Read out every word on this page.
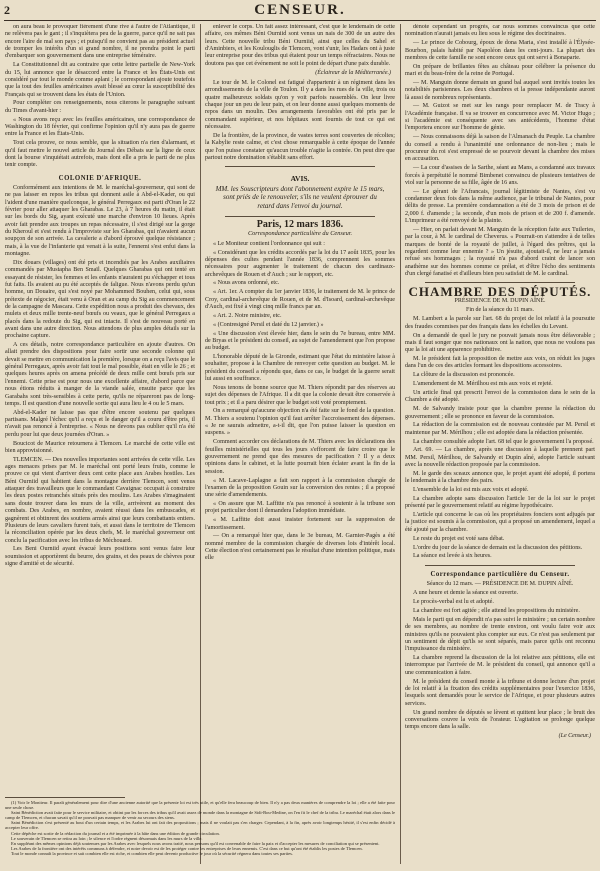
CENSEUR.
2

on aura beau le provoquer fièrement d'une rive à l'autre de l'Atlantique, il ne relèvera pas le gant ; il s'inquiètera peu de la guerre, parce qu'il ne sait pas encore l'aire de mal son pays ; et puisqu'il ne convient pas au président actuel de tromper les intérêts d'un si grand nombre, il ne prendra point le parti d'embarquer son gouvernement dans une entreprise téméraire.

La Constitutionnel dit au contraire que cette lettre partielle de New-York du 15, lui annonce que le désaccord entre la France et les États-Unis est considéré par tout le monde comme aplani ; le correspondant ajoute toutefois que la tout des feuilles américaines avait blessé au cœur la susceptibilité des Français qui se trouvent dans les états de l'Union.

Pour compléter ces renseignements, nous citerons le paragraphe suivant du Times d'avant-hier :

« Nous avons reçu avec les feuilles américaines, une correspondance de Washington du 18 février, qui confirme l'opinion qu'il n'y aura pas de guerre entre la France et les États-Unis.

Tout cela prouve, ce nous semble, que la situation n'a rien d'alarmant, et qu'il faut mettre le nouvel article du Journal des Débats sur la ligne de ceux dont la bourse s'inquiétait autrefois, mais dont elle a pris le parti de ne plus tenir compte.

COLONIE D'AFRIQUE.

Conformément aux intentions de M. le maréchal-gouverneur, qui sont de ne pas laisser en repos les tribus qui donnent asile à Abd-el-Kader, ou qui l'aident d'une manière quelconque, le général Perregaux est parti d'Oran le 22 février pour aller attaquer les Gharabas. Le 23, à 7 heures du matin, il était sur les bords du Sig, ayant exécuté une marche d'environ 10 lieues. Après avoir fait prendre aux troupes un repas nécessaire, il s'est dirigé sur la gorge du Kheroul et s'est rendu à l'improviste sur les Gharabas, qui n'avaient aucun soupçon de son arrivée. La cavalerie a d'abord éprouvé quelque résistance ; mais, à la vue de l'infanterie qui venait à la suite, l'ennemi s'est enfui dans la montagne.

Dix douars (villages) ont été pris et incendiés par les Arabes auxiliaires commandés par Mustapha Ben Smaïl. Quelques Gharabas qui ont tenté en essayant de résister, les femmes et les enfants n'auraient pu s'échapper et tous fut faits. Ils avaient au pu été acceptés de faligue. Nous n'avons perdu qu'un homme, un Douaire, qui s'est noyé par Mohammed Bouhen, celui qui, sous prétexte de négocier, était venu à Oran et au camp du Sig au commencement de la campagne de Mascara. Cette expédition nous a produit des chevaux, des mulets et deux mille trente-neuf bœufs ou veaux, que le général Perregaux a placés dans la redoute du Sig, qui est intacte. Il s'est de nouveau porté en avant dans une autre direction. Nous attendons de plus amples détails sur la prochaine capture.

A ces détails, notre correspondance particulière en ajoute d'autres. On allait prendre des dispositions pour faire sortir une seconde colonne qui devait se mettre en communication la première, lorsque on a reçu l'avis que le général Perregaux, après avoir fait tout le mal possible, était en ville le 26 ; et quelques heures après on amena précédé de deux mille cent bœufs pris sur l'ennemi. Cette prise est pour nous une excellente affaire, d'abord parce que nous étions réduits à manger de la viande salée, ensuite parce que les Garabahs sont très-sensibles à cette perte, qu'ils ne répareront pas de long-temps. Il est question d'une nouvelle sortie qui aura lieu le 4 ou le 5 mars.

Abd-el-Kader ne laisse pas que d'être encore soutenu par quelques partisans. Malgré l'échec qu'il a reçu et le danger qu'il a couru d'être pris, il n'avait pas renoncé à l'entreprise. « Nous ne devons pas oublier qu'il n'a été perdu pour lui que deux journées d'Oran. »

Boucicot de Maurice retournera à Tlemcen. Le marché de cette ville est bien approvisionné.

TLEMCEN. — Des nouvelles importantes sont arrivées de cette ville. Les ages menaces prises par M. le maréchal ont porté leurs fruits, comme le prouve ce qui vient d'arriver deux cent cette place aux Arabes hostiles. Les Béni Ourniid qui habitent dans la montagne derrière Tlemcen, sont venus attaquer des travailleurs que le commandant Cavaignac occupait à construire les deux postes retranchés situés près des moulins. Les Arabes s'imaginaient sans doute trouver dans les murs de la ville, arrivèrent au moment des combats. Des Arabes, en nombre, avaient réussi dans les embuscades, et gagnèrent et obtinrent des soutiens armés ainsi que leurs combattants entiers. Plusieurs de leurs cavaliers furent tués, et aussi dans le territoire de Tlemcen la réconciliation opérée par les deux chefs, M. le maréchal gouverneur ont conclu la pacification avec les tribus de Méchouard.

Les Beni Ourniid ayant évacué leurs positions sont venus faire leur soumission et apportèrent du beurre, des grains, et des peaux de chèvres pour signe d'amitié et de sécurité.

enlever le corps. Un fait assez intéressant, c'est que le lendemain de cette affaire, ces mêmes Béni Ourniid sont venus un nais de 300 de un autre des leurs. Cette nouvelle tribu Béni Ourniid, ainsi que celles du Sahel et d'Aminbiers, et les Koulouglis de Tlemcen, vont s'unir, les Hadars ont à juste leur entreprise pour des tribus qui étaient pour un temps réfractaires. Nous ne doutons pas que cet événement ne soit le point de départ d'une paix durable.

(Éclaireur de la Méditerranée.)

Le tour de M. le Colonel est fatigué d'appartenir à un régiment dans les arrondissements de la ville de Toulon. Il y a dans les rues de la ville, trois ou quatre malheureux soldats qu'on y voit parfois rassemblés. On leur livre chaque jour un peu de leur pain, et on leur donne aussi quelques moments de repos dans un moulin. Des arrangements favorables ont été pris par le commandant supérieur, et nos hôpitaux sont fournis de tout ce qui est nécessaire.

De la frontière, de la province, de vastes terres sont couvertes de récoltes; la Kabylie reste calme, et c'est chose remarquable à cette époque de l'année que l'on puisse constater qu'aucun trouble n'agite la contrée. On peut dire que partout notre domination s'établit sans effort.

AVIS.
MM. les Souscripteurs dont l'abonnement expire le 15 mars, sont priés de le renouveler, s'ils ne veulent éprouver du retard dans l'envoi du journal.
Paris, 12 mars 1836.
Correspondance particulière du Censeur.

« Le Moniteur contient l'ordonnance qui suit :

« Considérant que les crédits accordés par la loi du 17 août 1835, pour les dépenses des cultes pendant l'année 1836, comprennent les sommes nécessaires pour augmenter le traitement de chacun des cardinaux-archevêques de Rouen et d'Auch ; sur le rapport, etc.

« Nous avons ordonné, etc.

« Art. 1er. A compter du 1er janvier 1836, le traitement de M. le prince de Croy, cardinal-archevêque de Rouen, et de M. d'Isoard, cardinal-archevêque d'Auch, est fixé à vingt cinq mille francs par an.

« Art. 2. Notre ministre, etc.

« (Contresigné Persil et daté du 12 janvier.) »

« Une discussion s'est élevée hier, dans le sein du 7e bureau, entre MM. de Bryas et le président du conseil, au sujet de l'amendement que l'on propose au budget.

L'honorable député de la Gironde, estimant que l'état du ministère laisse à souhaiter, propose à la Chambre de renvoyer cette question au budget. M. le président du conseil a répondu que, dans ce cas, le budget de la guerre serait lui aussi en souffrance.

Nous tenons de bonne source que M. Thiers répondit par des réserves au sujet des dépenses de l'Afrique. Il a dit que la colonie devait être conservée à tout prix ; et il a paru désirer que le budget soit voté promptement.

On a remarqué qu'aucune objection n'a été faite sur le fond de la question. M. Thiers a soutenu l'opinion qu'il faut arrêter l'accroissement des dépenses. « Je ne saurais admettre, a-t-il dit, que l'on puisse laisser la question en suspens. »

Comment accorder ces déclarations de M. Thiers avec les déclarations des feuilles ministérielles qui tous les jours s'efforcent de faire croire que le gouvernement ne prend que des mesures de pacification ? Il y a deux opinions dans le cabinet, et la lutte pourrait bien éclater avant la fin de la session.

« M. Lacave-Laplagne a fait son rapport à la commission chargée de l'examen de la proposition Gouin sur la conversion des rentes ; il a proposé une série d'amendements.

« On assure que M. Laffitte n'a pas renoncé à soutenir à la tribune son projet particulier dont il demandera l'adoption immédiate.

« M. Laffitte doit aussi insister fortement sur la suppression de l'amortissement.

— On a remarqué hier que, dans le 3e bureau, M. Garnier-Pagès a été nommé membre de la commission chargée de diverses lois d'intérêt local. Cette élection n'est certainement pas le résultat d'une intention politique, mais elle

dénote cependant un progrès, car nous sommes convaincus que cette nomination n'aurait jamais eu lieu sous le régime des doctrinaires.

— Le prince de Cobourg, époux de dona Maria, s'est installé à l'Élysée-Bourbon, palais habité par Napoléon dans les cent-jours. La plupart des membres de cette famille ne sont encore ceux qui ont servi à Bonaparte.

On prépare de brillantes fêtes au château pour célébrer la présence du mari et du beau-frère de la reine de Portugal.

— M. Manguin donne demain un grand bal auquel sont invités toutes les notabilités parisiennes. Les deux chambres et la presse indépendante auront là aussi de nombreux représentants.

— M. Guizot se met sur les rangs pour remplacer M. de Tracy à l'Académie française. Il va se trouver en concurrence avec M. Victor Hugo ; si l'académie est conséquente avec ses antécédents, l'homme d'état l'emportera encore sur l'homme de génie.

— Nous connaissons déjà la saison de l'Almanach du Peuple. La chambre du conseil a rendu à l'unanimité une ordonnance de non-lieu ; mais le procureur du roi s'est empressé de se pourvoir devant la chambre des mises en accusation.

— La cour d'assises de la Sarthe, séant au Mans, a condamné aux travaux forcés à perpétuité le nommé Bimbenet convaincu de plusieurs tentatives de viol sur la personne de sa fille, âgée de 16 ans.

— Le gérant de l'Afrancais, journal légitimiste de Nantes, s'est vu condamner deux fois dans la même audience, par le tribunal de Nantes, pour délits de presse. La première condamnation a été de 3 mois de prison et de 2,000 f. d'amende ; la seconde, d'un mois de prison et de 200 f. d'amende. L'imprimeur a été renvoyé de la plainte.

— Hier, on parlait devant M. Manguin de la réception faite aux Tuileries, par la cour, à M. le cardinal de Cheverus. « Pourrait-on s'attendre à de telles marques de bonté de la royauté de juillet, à l'égard des prêtres, qui la regardent comme leur ennemie ? » Un jésuite, ajoutait-il, ne leur a jamais refusé ses hommages ; la royauté n'a pas d'abord craint de lancer son anathème sur des hommes comme ce prélat, et d'être l'écho des sentiments d'un clergé fanatisé et d'ailleurs bien peu satisfait de M. le cardinal.

CHAMBRE DES DÉPUTÉS.
PRÉSIDENCE DE M. DUPIN AÎNÉ.
Fin de la séance du 11 mars.

M. Lambert a la parole sur l'art. 68 du projet de loi relatif à la poursuite des fraudes commises par des français dans les échelles du Levant.

On a demandé de quel le jury ne pouvait jamais nous être défavorable ; mais il faut songer que nos nationaux ont la nation, que nous ne voulons pas que la loi ait une apparence prohibitive.

M. le président fait la proposition de mettre aux voix, on réduit les juges dans l'un de ces des articles formant les dispositions accessoires.

La clôture de la discussion est prononcée.

L'amendement de M. Mérilhou est mis aux voix et rejeté.

Un article final qui prescrit l'envoi de la commission dans le sein de la Chambre a été adopté.

M. de Salvandy insiste pour que la chambre prenne la rédaction du gouvernement ; elle se prononce en faveur de la commission.

La rédaction de la commission est de nouveau contestée par M. Persil et maintenue par M. Mérilhou ; elle est adoptée dans la rédaction présentée.

La chambre consultée adopte l'art. 68 tel que le gouvernement l'a proposé.

Art. 69. — La chambre, après une discussion à laquelle prennent part MM. Persil, Mérilhou, de Salvandy et Dupin aîné, adopte l'article suivant avec la nouvelle rédaction proposée par la commission.

M. le garde des sceaux annonce que, le projet ayant été adopté, il portera le lendemain à la chambre des pairs.

L'ensemble de la loi est mis aux voix et adopté.

La chambre adopte sans discussion l'article 1er de la loi sur le projet présenté par le gouvernement relatif au régime hypothécaire.

L'article qui concerne le cas où les propriétaires fonciers sont adjugés par la justice est soumis à la commission, qui a proposé un amendement, lequel a été ajouté par la chambre.

Le reste du projet est voté sans débat.

L'ordre du jour de la séance de demain est la discussion des pétitions.

La séance est levée à six heures.

Correspondance particulière du Censeur.
Séance du 12 mars. — PRÉSIDENCE DE M. DUPIN AÎNÉ.

A une heure et demie la séance est ouverte.

Le procès-verbal est lu et adopté.

La chambre est fort agitée ; elle attend les propositions du ministère.

Mais le parti qui en dépendit n'a pas suivi le ministère ; un certain nombre de ses membres, au nombre de trente environ, ont voulu faire voir aux ministres qu'ils ne pouvaient plus compter sur eux. Ce n'est pas seulement par un sentiment de dépit qu'ils se sont séparés, mais parce qu'ils ont reconnu l'impuissance du ministère.

La chambre reprend la discussion de la loi relative aux pétitions, elle est interrompue par l'arrivée de M. le président du conseil, qui annonce qu'il a une communication à faire.

M. le président du conseil monte à la tribune et donne lecture d'un projet de loi relatif à la fixation des crédits supplémentaires pour l'exercice 1836, lesquels sont demandés pour le service de l'Afrique, et pour plusieurs autres services.

Un grand nombre de députés se lèvent et quittent leur place ; le bruit des conversations couvre la voix de l'orateur. L'agitation se prolonge quelque temps encore dans la salle.

(Le Censeur.)

(1) Voir le Moniteur. Il paraît généralement pour dire d'une ancienne autorité que la présente loi est très utile, et qu'elle fera beaucoup de bien. Il n'y a pas deux manières de comprendre la loi ; elle a été faite pour une seule chose.

Saint Bénédiction avait faite pour le service militaire, et obtint par les forces des tribus qu'il avait assez de monde dans la montagne de Sidi-Bou-Medine, on l'en fit le chef de la tribu. Le maréchal était alors dans le camp de Tlemcen, et chacun savait qu'il ne pouvait pas manquer de venir au secours des siens.

Saint Bénédiction s'est présenté au bout d'un certain temps, et les Arabes lui ont fait des propositions ; mais il ne voulait pas s'en charger. Cependant, à la fin, après avoir longtemps hésité, il s'est enfin décidé à accepter leur offre.

Cette dépêche est sortie de la rédaction du journal et a été imprimée à la hâte dans une édition de grande circulation.

Le souverain de Tlemcen se retira au loin ; le silence et l'ordre règnent désormais dans les murs de la ville.

En suppléant des mêmes opinions déjà soutenues par les Arabes avec lesquels nous avons traité, nous pensons qu'il est convenable de faire la paix et d'accepter les mesures de conciliation qui se présentent.

Les Arabes de la frontière ont des intérêts communs à défendre, et notre devoir est de les protéger contre les entreprises de leurs ennemis. C'est dans ce but qu'ont été établis les postes de Tlemcen.

Tout le monde connaît la province et sait combien elle est riche, et combien elle peut devenir productive le jour où la sécurité régnera dans toutes ses parties.
